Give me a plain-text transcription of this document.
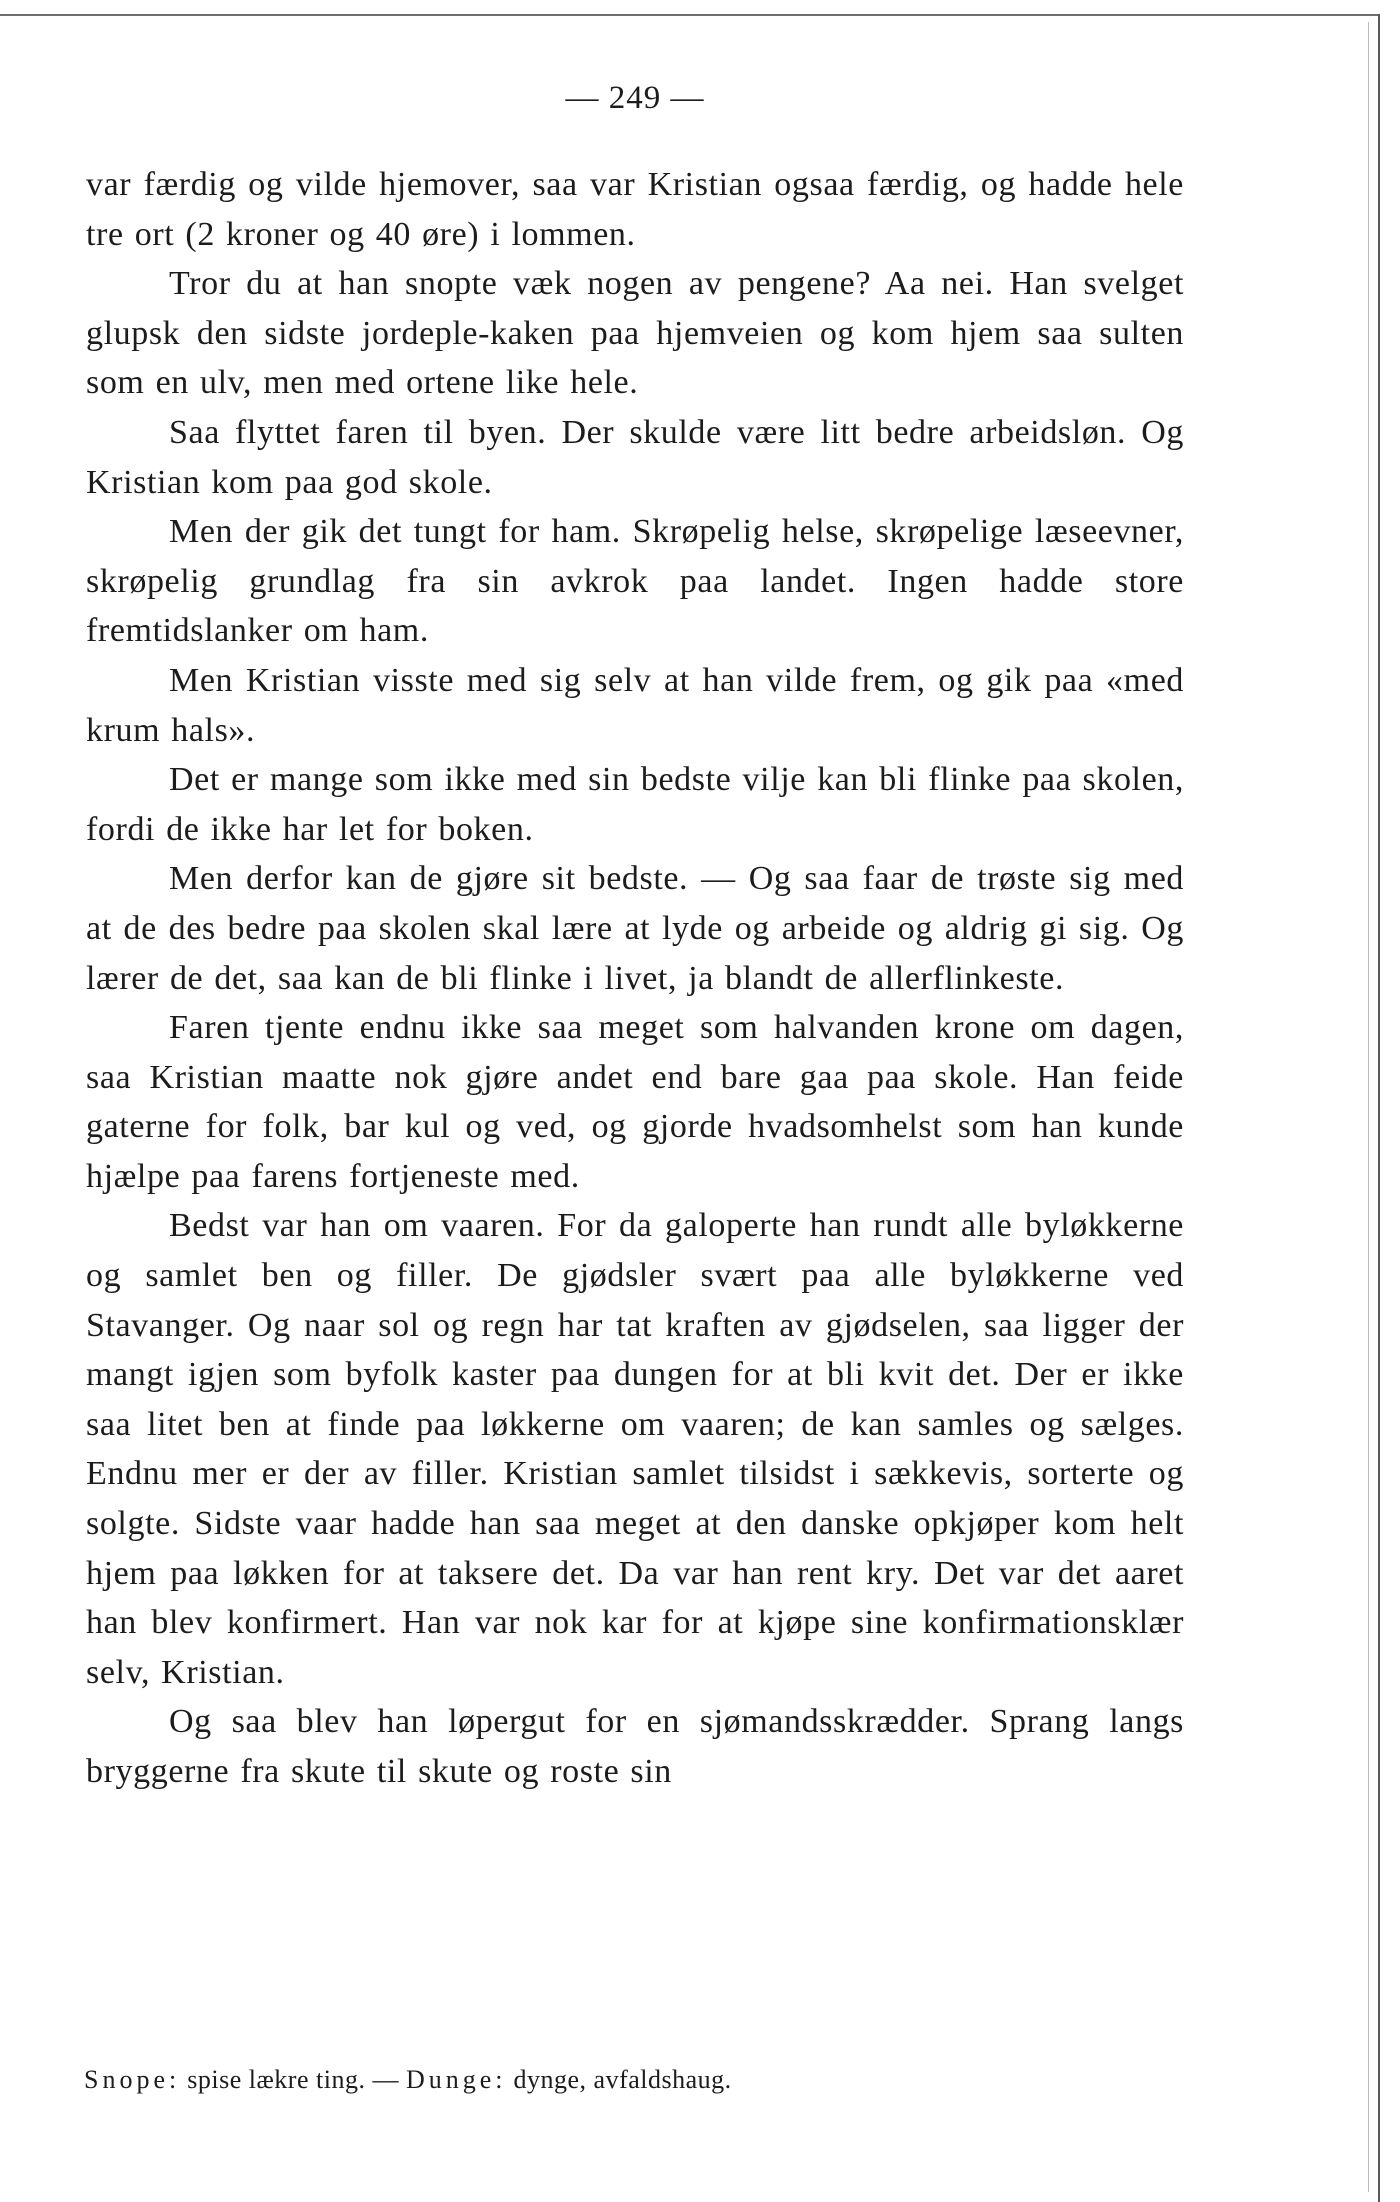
— 249 —

var færdig og vilde hjemover, saa var Kristian ogsaa færdig, og hadde hele tre ort (2 kroner og 40 øre) i lommen.

Tror du at han snopte væk nogen av pengene? Aa nei. Han svelget glupsk den sidste jordeple-kaken paa hjemveien og kom hjem saa sulten som en ulv, men med ortene like hele.

Saa flyttet faren til byen. Der skulde være litt bedre arbeidsløn. Og Kristian kom paa god skole.

Men der gik det tungt for ham. Skrøpelig helse, skrøpelige læseevner, skrøpelig grundlag fra sin avkrok paa landet. Ingen hadde store fremtidslanker om ham.

Men Kristian visste med sig selv at han vilde frem, og gik paa «med krum hals».

Det er mange som ikke med sin bedste vilje kan bli flinke paa skolen, fordi de ikke har let for boken.

Men derfor kan de gjøre sit bedste. — Og saa faar de trøste sig med at de des bedre paa skolen skal lære at lyde og arbeide og aldrig gi sig. Og lærer de det, saa kan de bli flinke i livet, ja blandt de allerflinkeste.

Faren tjente endnu ikke saa meget som halvanden krone om dagen, saa Kristian maatte nok gjøre andet end bare gaa paa skole. Han feide gaterne for folk, bar kul og ved, og gjorde hvadsomhelst som han kunde hjælpe paa farens fortjeneste med.

Bedst var han om vaaren. For da galoperte han rundt alle byløkkerne og samlet ben og filler. De gjødsler svært paa alle byløkkerne ved Stavanger. Og naar sol og regn har tat kraften av gjødselen, saa ligger der mangt igjen som byfolk kaster paa dungen for at bli kvit det. Der er ikke saa litet ben at finde paa løkkerne om vaaren; de kan samles og sælges. Endnu mer er der av filler. Kristian samlet tilsidst i sækkevis, sorterte og solgte. Sidste vaar hadde han saa meget at den danske opkjøper kom helt hjem paa løkken for at taksere det. Da var han rent kry. Det var det aaret han blev konfirmert. Han var nok kar for at kjøpe sine konfirmationsklær selv, Kristian.

Og saa blev han løpergut for en sjømandsskrædder. Sprang langs bryggerne fra skute til skute og roste sin

Snope: spise lækre ting. — Dunge: dynge, avfaldshaug.
